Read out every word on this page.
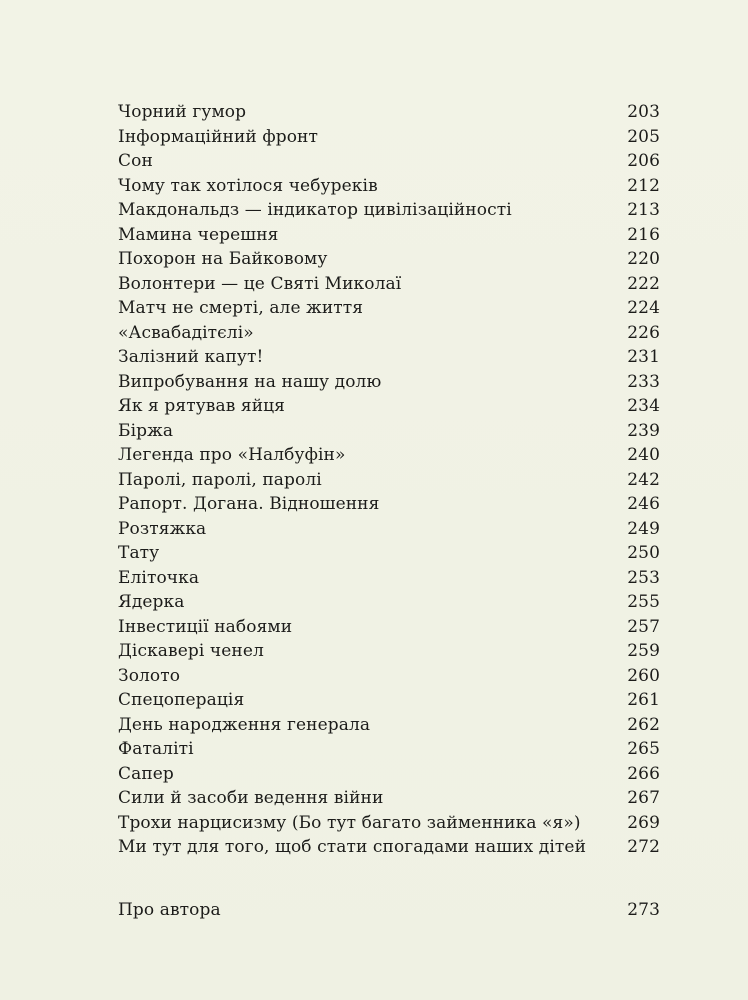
Чорний гумор	203
Інформаційний фронт	205
Сон	206
Чому так хотілося чебуреків	212
Макдональдз — індикатор цивілізаційності	213
Мамина черешня	216
Похорон на Байковому	220
Волонтери — це Святі Миколаї	222
Матч не смерті, але життя	224
«Асвабадітєлі»	226
Залізний капут!	231
Випробування на нашу долю	233
Як я рятував яйця	234
Біржа	239
Легенда про «Налбуфін»	240
Паролі, паролі, паролі	242
Рапорт. Догана. Відношення	246
Розтяжка	249
Тату	250
Еліточка	253
Ядерка	255
Інвестиції набоями	257
Діскавері ченел	259
Золото	260
Спецоперація	261
День народження генерала	262
Фаталіті	265
Сапер	266
Сили й засоби ведення війни	267
Трохи нарцисизму (Бо тут багато займенника «я»)	269
Ми тут для того, щоб стати спогадами наших дітей	272
Про автора	273
